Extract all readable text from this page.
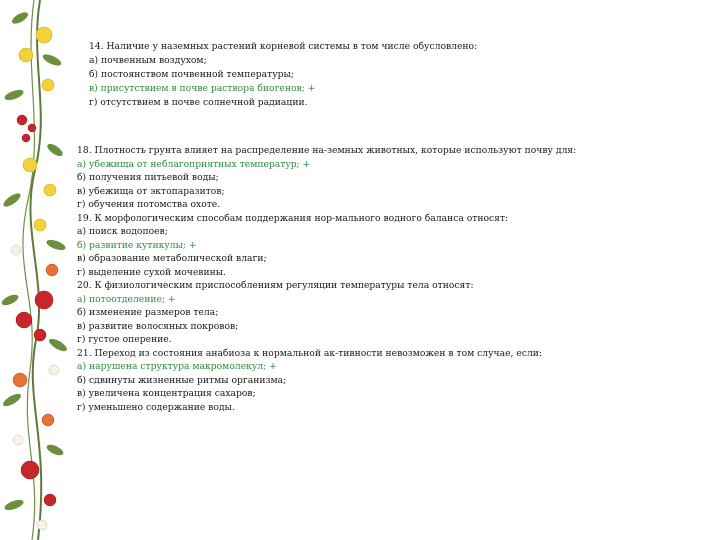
14. Наличие у наземных растений корневой системы в том числе обусловлено:
а) почвенным воздухом;
б) постоянством почвенной температуры;
в) присутствием в почве раствора биогенов; +
г) отсутствием в почве солнечной радиации.
18. Плотность грунта влияет на распределение на-земных животных, которые используют почву для:
а) убежища от неблагоприятных температур; +
б) получения питьевой воды;
в) убежища от эктопаразитов;
г) обучения потомства охоте.
19. К морфологическим способам поддержания нор-мального водного баланса относят:
а) поиск водопоев;
б) развитие кутикулы; +
в) образование метаболической влаги;
г) выделение сухой мочевины.
20. К физиологическим приспособлениям регуляции температуры тела относят:
а) потоотделение; +
б) изменение размеров тела;
в) развитие волосяных покровов;
г) густое оперение.
21. Переход из состояния анабиоза к нормальной ак-тивности невозможен в том случае, если:
а) нарушена структура макромолекул; +
б) сдвинуты жизненные ритмы организма;
в) увеличена концентрация сахаров;
г) уменьшено содержание воды.
